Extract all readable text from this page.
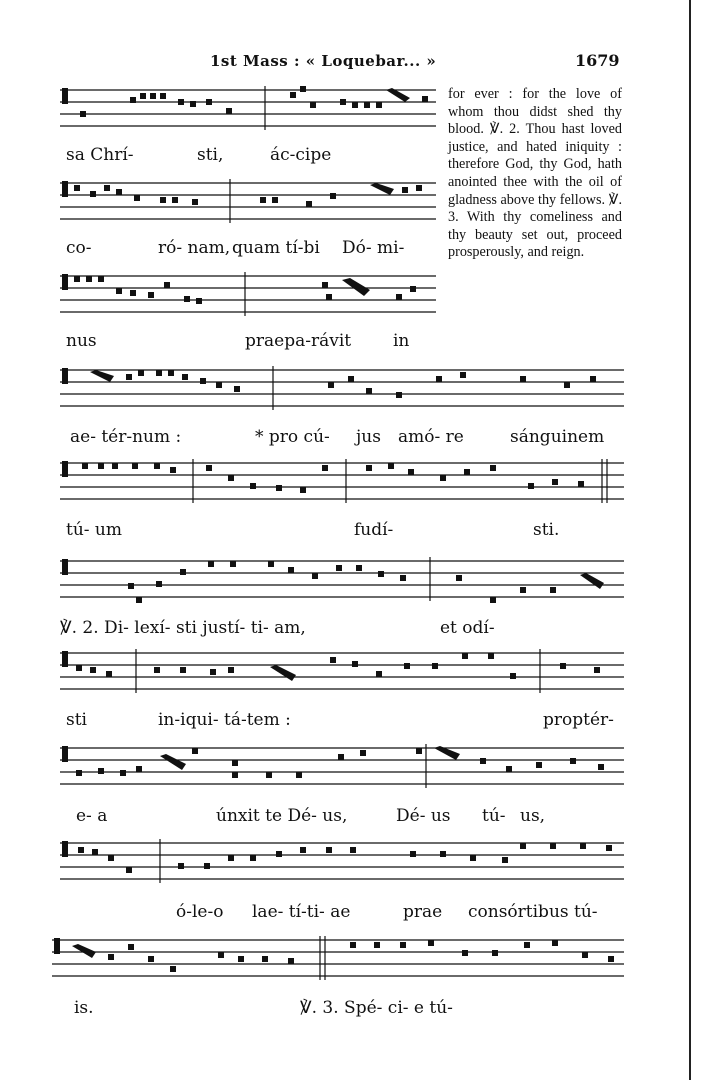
1st Mass : « Loquebar... »	1679
for ever : for the love of whom thou didst shed thy blood. ℣. 2. Thou hast loved justice, and hated iniquity : therefore God, thy God, hath anointed thee with the oil of gladness above thy fellows. ℣. 3. With thy comeliness and thy beauty set out, proceed prosperously, and reign.
sa Chrí-	sti,	ác-cipe
co-	ró- nam, quam tí-bi Dó- mi-
nus	praepa-rávit in
ae- tér-num :	* pro cú- jus amó- re	sánguinem
tú- um	fudí-	sti.
℣. 2. Di- lexí- sti justí- ti- am,	et odí-
sti	in-iqui- tá-tem :	proptér-
e- a	únxit te Dé- us,	Dé- us tú- us,
ó-le-o lae- tí-ti- ae	prae consórtibus tú-
is.	℣. 3. Spé- ci- e tú-
